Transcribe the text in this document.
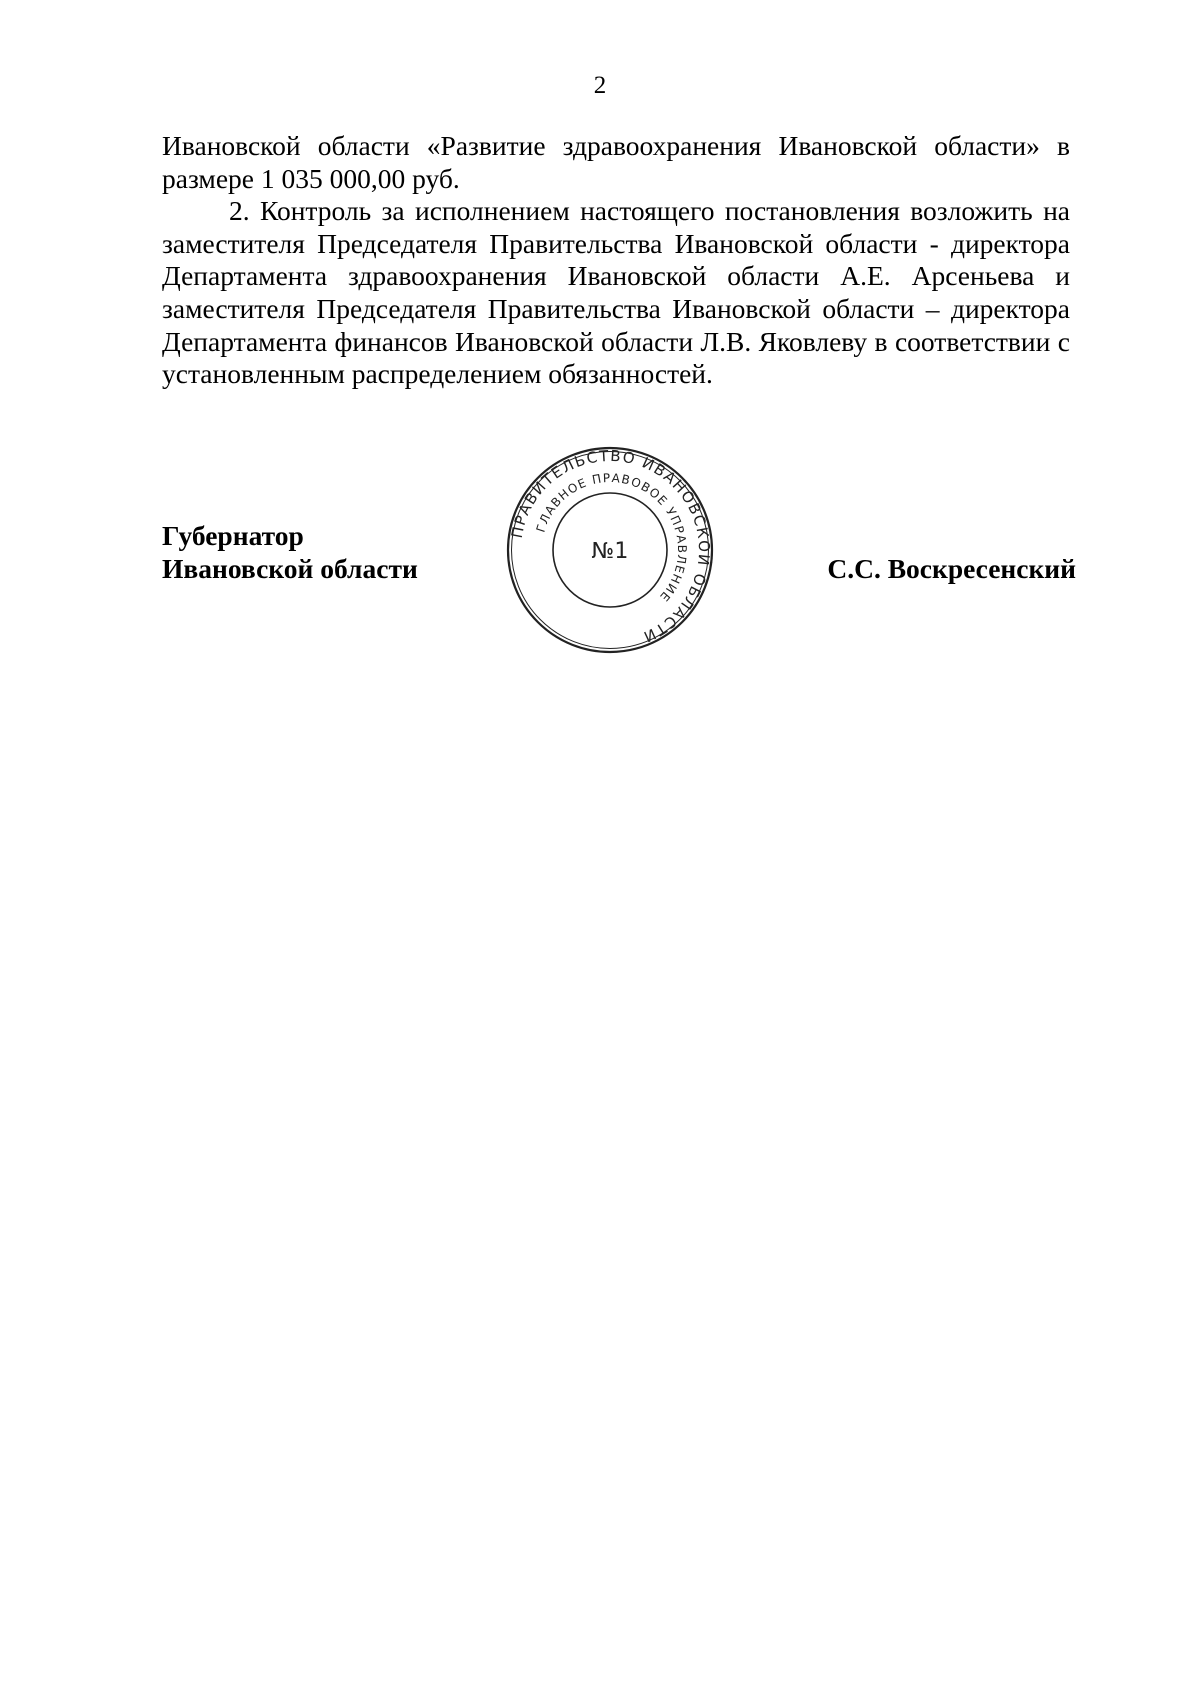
2

Ивановской области «Развитие здравоохранения Ивановской области» в размере 1 035 000,00 руб.

2. Контроль за исполнением настоящего постановления возложить на заместителя Председателя Правительства Ивановской области - директора Департамента здравоохранения Ивановской области А.Е. Арсеньева и заместителя Председателя Правительства Ивановской области – директора Департамента финансов Ивановской области Л.В. Яковлеву в соответствии с установленным распределением обязанностей.

Губернатор
Ивановской области	С.С. Воскресенский
ПРАВИТЕЛЬСТВО ИВАНОВСКОЙ ОБЛАСТИ
ГЛАВНОЕ ПРАВОВОЕ УПРАВЛЕНИЕ
№1
